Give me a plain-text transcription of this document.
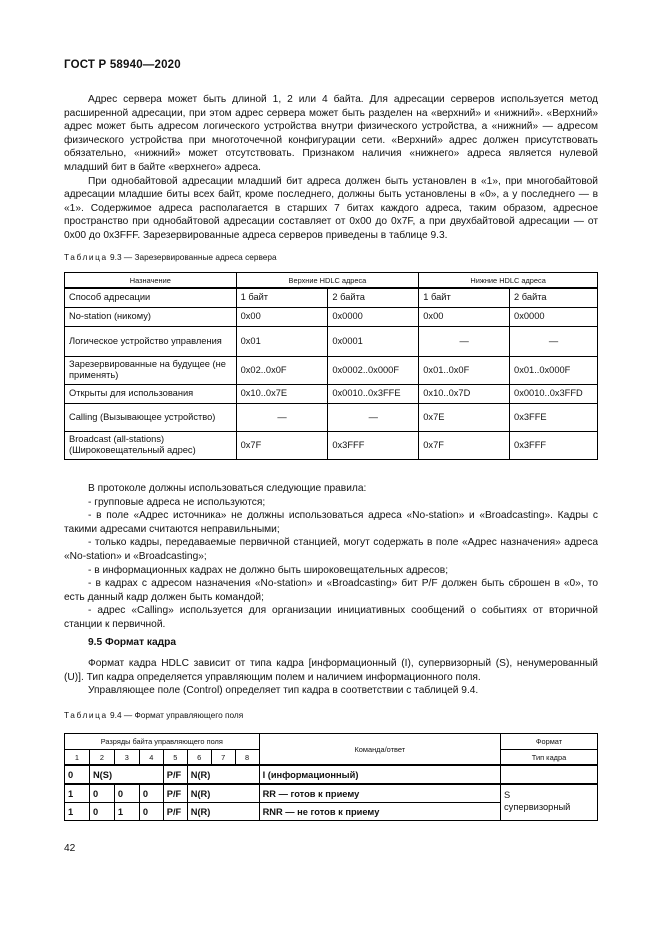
ГОСТ Р 58940—2020

Адрес сервера может быть длиной 1, 2 или 4 байта. Для адресации серверов используется метод расширенной адресации, при этом адрес сервера может быть разделен на «верхний» и «нижний». «Верхний» адрес может быть адресом логического устройства внутри физического устройства, а «нижний» — адресом физического устройства при многоточечной конфигурации сети. «Верхний» адрес должен присутствовать обязательно, «нижний» может отсутствовать. Признаком наличия «нижнего» адреса является нулевой младший бит в байте «верхнего» адреса.

При однобайтовой адресации младший бит адреса должен быть установлен в «1», при многобайтовой адресации младшие биты всех байт, кроме последнего, должны быть установлены в «0», а у последнего — в «1». Содержимое адреса располагается в старших 7 битах каждого адреса, таким образом, адресное пространство при однобайтовой адресации составляет от 0x00 до 0x7F, а при двухбайтовой адресации — от 0x00 до 0x3FFF. Зарезервированные адреса серверов приведены в таблице 9.3.

Таблица 9.3 — Зарезервированные адреса сервера
Назначение	Верхние HDLC адреса		Нижние HDLC адреса	
Способ адресации	1 байт	2 байта	1 байт	2 байта
No-station (никому)	0x00	0x0000	0x00	0x0000
Логическое устройство управления	0x01	0x0001	—	—
Зарезервированные на будущее (не применять)	0x02..0x0F	0x0002..0x000F	0x01..0x0F	0x01..0x000F
Открыты для использования	0x10..0x7E	0x0010..0x3FFE	0x10..0x7D	0x0010..0x3FFD
Calling (Вызывающее устройство)	—	—	0x7E	0x3FFE
Broadcast (all-stations) (Широковещательный адрес)	0x7F	0x3FFF	0x7F	0x3FFF

В протоколе должны использоваться следующие правила:

- групповые адреса не используются;

- в поле «Адрес источника» не должны использоваться адреса «No-station» и «Broadcasting». Кадры с такими адресами считаются неправильными;

- только кадры, передаваемые первичной станцией, могут содержать в поле «Адрес назначения» адреса «No-station» и «Broadcasting»;

- в информационных кадрах не должно быть широковещательных адресов;

- в кадрах с адресом назначения «No-station» и «Broadcasting» бит P/F должен быть сброшен в «0», то есть данный кадр должен быть командой;

- адрес «Calling» используется для организации инициативных сообщений о событиях от вторичной станции к первичной.

9.5 Формат кадра

Формат кадра HDLC зависит от типа кадра [информационный (I), супервизорный (S), ненумерованный (U)]. Тип кадра определяется управляющим полем и наличием информационного поля.

Управляющее поле (Control) определяет тип кадра в соответствии с таблицей 9.4.

Таблица 9.4 — Формат управляющего поля
Разряды байта управляющего поля								Команда/ответ	Формат
1	2	3	4	5	6	7	8		Тип кадра
0	N(S)			P/F	N(R)			I (информационный)	
1	0	0	0	P/F	N(R)			RR — готов к приему	S
супервизорный
1	0	1	0	P/F	N(R)			RNR — не готов к приему	
42
